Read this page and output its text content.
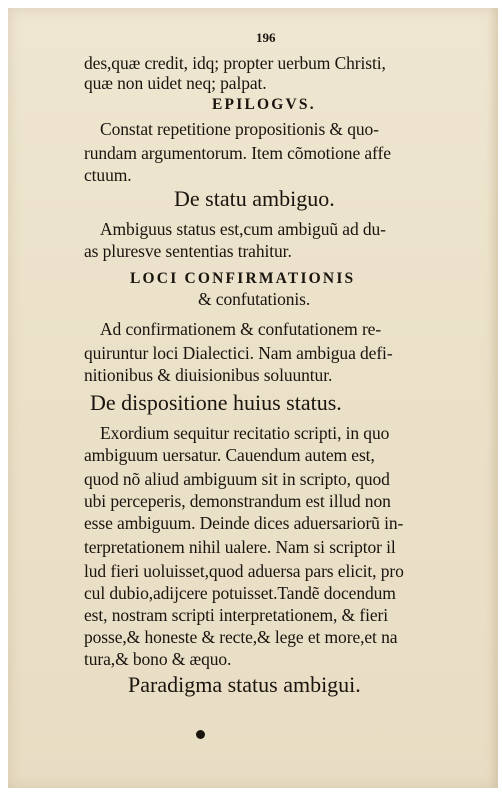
196
des,quæ credit, idq; propter uerbum Christi,
quæ non uidet neq; palpat.
EPILOGVS.
Constat repetitione propositionis & quo-
rundam argumentorum. Item cõmotione affe
ctuum.
De statu ambiguo.
Ambiguus status est,cum ambiguũ ad du-
as pluresve sententias trahitur.
LOCI CONFIRMATIONIS
& confutationis.
Ad confirmationem & confutationem re-
quiruntur loci Dialectici. Nam ambigua defi-
nitionibus & diuisionibus soluuntur.
De dispositione huius status.
Exordium sequitur recitatio scripti, in quo
ambiguum uersatur. Cauendum autem est,
quod nõ aliud ambiguum sit in scripto, quod
ubi perceperis, demonstrandum est illud non
esse ambiguum. Deinde dices aduersariorũ in-
terpretationem nihil ualere. Nam si scriptor il
lud fieri uoluisset,quod aduersa pars elicit, pro
cul dubio,adijcere potuisset.Tandẽ docendum
est, nostram scripti interpretationem, & fieri
posse,& honeste & recte,& lege et more,et na
tura,& bono & æquo.
Paradigma status ambigui.
